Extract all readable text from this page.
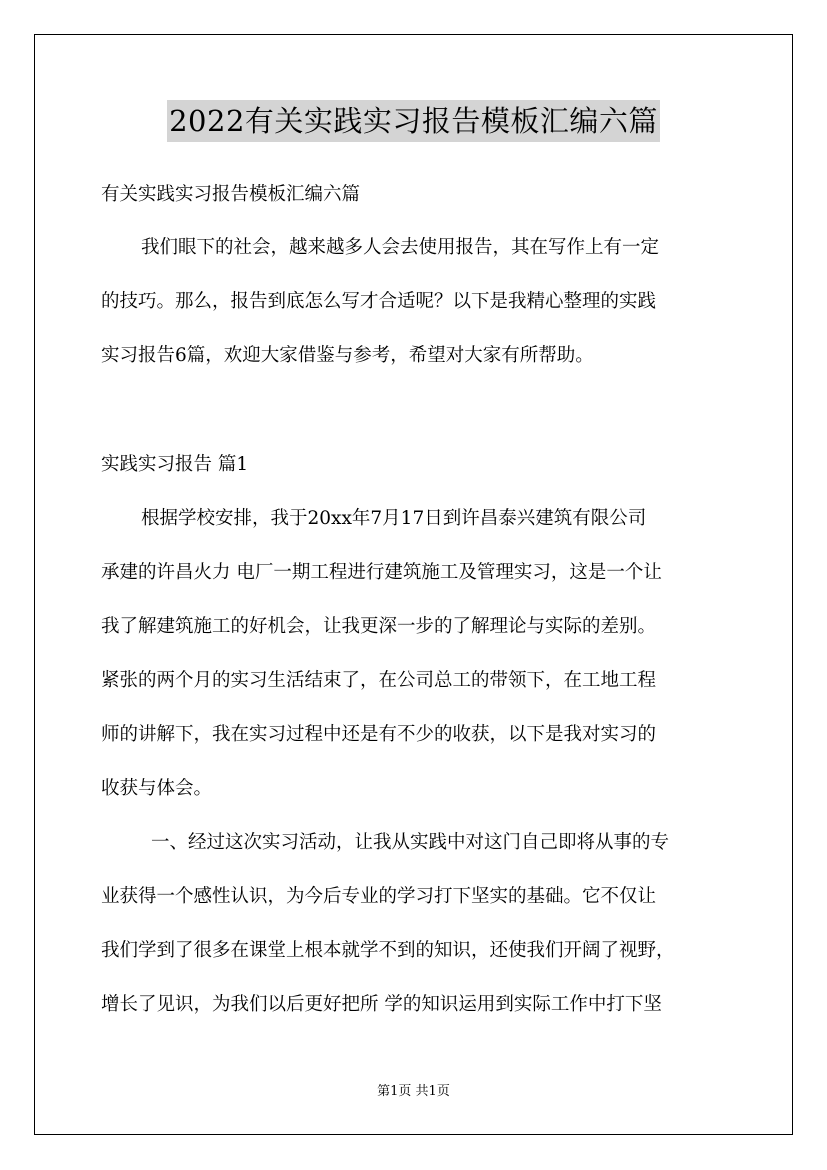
2022有关实践实习报告模板汇编六篇
有关实践实习报告模板汇编六篇
我们眼下的社会，越来越多人会去使用报告，其在写作上有一定
的技巧。那么，报告到底怎么写才合适呢？以下是我精心整理的实践
实习报告6篇，欢迎大家借鉴与参考，希望对大家有所帮助。
实践实习报告 篇1
根据学校安排，我于20xx年7月17日到许昌泰兴建筑有限公司
承建的许昌火力 电厂一期工程进行建筑施工及管理实习，这是一个让
我了解建筑施工的好机会，让我更深一步的了解理论与实际的差别。
紧张的两个月的实习生活结束了，在公司总工的带领下，在工地工程
师的讲解下，我在实习过程中还是有不少的收获，以下是我对实习的
收获与体会。
一、经过这次实习活动，让我从实践中对这门自己即将从事的专
业获得一个感性认识，为今后专业的学习打下坚实的基础。它不仅让
我们学到了很多在课堂上根本就学不到的知识，还使我们开阔了视野，
增长了见识，为我们以后更好把所 学的知识运用到实际工作中打下坚
第1页 共1页
